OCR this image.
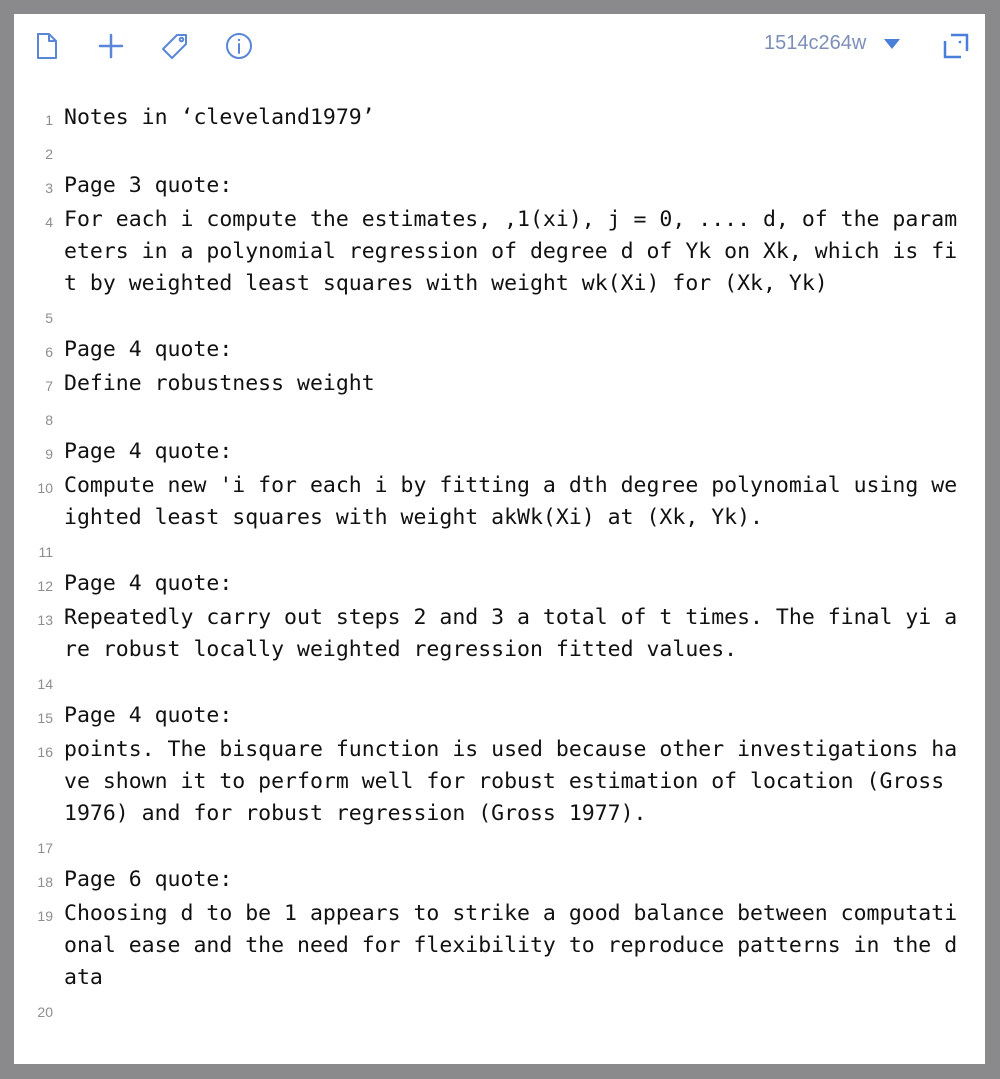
1514c264w
1 Notes in ‘cleveland1979’
2
3 Page 3 quote:
4 For each i compute the estimates, ,1(xi), j = 0, .... d, of the parameters in a polynomial regression of degree d of Yk on Xk, which is fit by weighted least squares with weight wk(Xi) for (Xk, Yk)
5
6 Page 4 quote:
7 Define robustness weight
8
9 Page 4 quote:
10 Compute new 'i for each i by fitting a dth degree polynomial using weighted least squares with weight akWk(Xi) at (Xk, Yk).
11
12 Page 4 quote:
13 Repeatedly carry out steps 2 and 3 a total of t times. The final yi are robust locally weighted regression fitted values.
14
15 Page 4 quote:
16 points. The bisquare function is used because other investigations have shown it to perform well for robust estimation of location (Gross 1976) and for robust regression (Gross 1977).
17
18 Page 6 quote:
19 Choosing d to be 1 appears to strike a good balance between computational ease and the need for flexibility to reproduce patterns in the data
20
